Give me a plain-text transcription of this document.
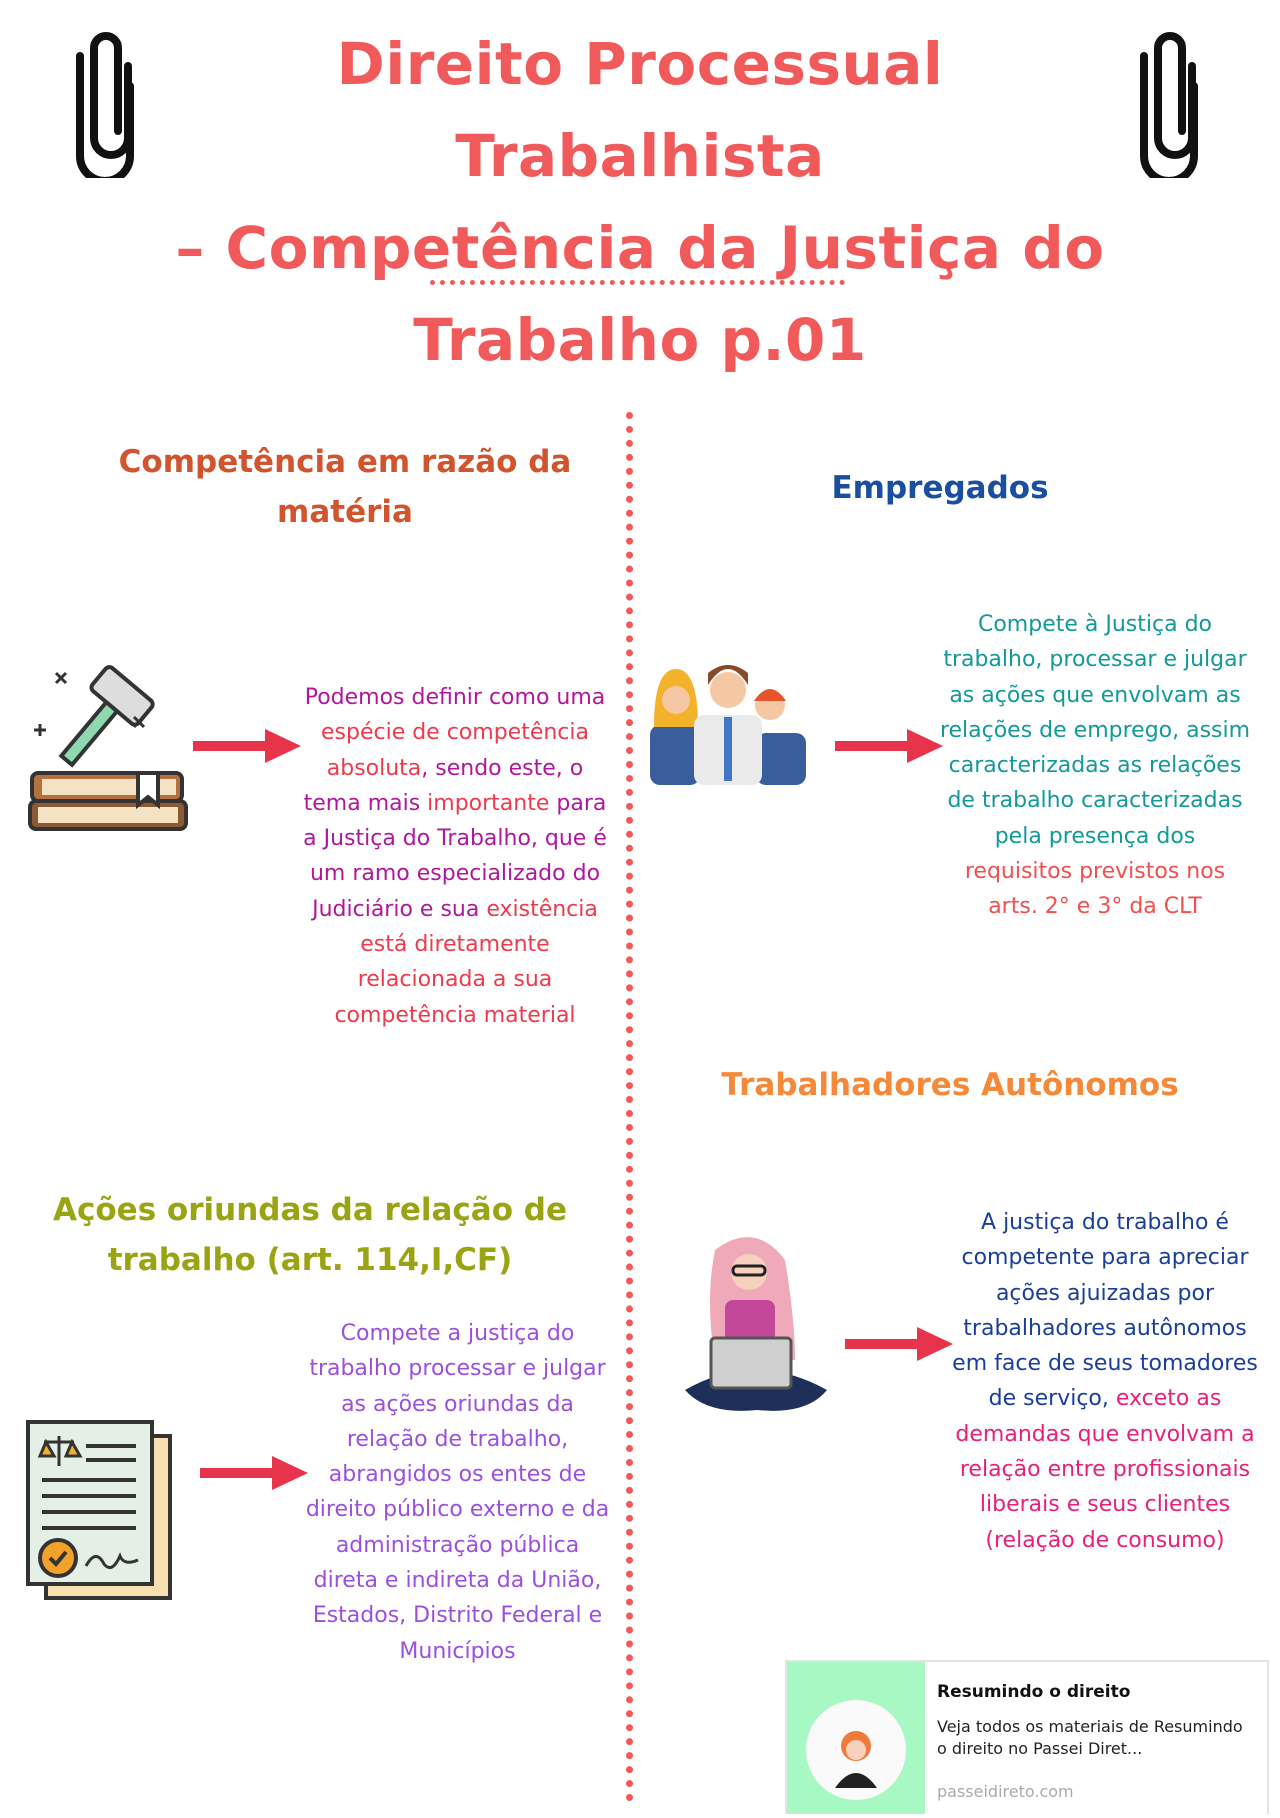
Direito Processual Trabalhista
– Competência da Justiça do
Trabalho p.01
Competência em razão da
matéria
Empregados
Trabalhadores Autônomos
Ações oriundas da relação de
trabalho (art. 114,I,CF)
Podemos definir como uma
espécie de competência
absoluta, sendo este, o
tema mais importante para
a Justiça do Trabalho, que é
um ramo especializado do
Judiciário e sua existência
está diretamente
relacionada a sua
competência material
Compete à Justiça do
trabalho, processar e julgar
as ações que envolvam as
relações de emprego, assim
caracterizadas as relações
de trabalho caracterizadas
pela presença dos
requisitos previstos nos
arts. 2° e 3° da CLT
A justiça do trabalho é
competente para apreciar
ações ajuizadas por
trabalhadores autônomos
em face de seus tomadores
de serviço, exceto as
demandas que envolvam a
relação entre profissionais
liberais e seus clientes
(relação de consumo)
Compete a justiça do
trabalho processar e julgar
as ações oriundas da
relação de trabalho,
abrangidos os entes de
direito público externo e da
administração pública
direta e indireta da União,
Estados, Distrito Federal e
Municípios
Resumindo o direito
Veja todos os materiais de Resumindo o direito no Passei Diret...
passeidireto.com
